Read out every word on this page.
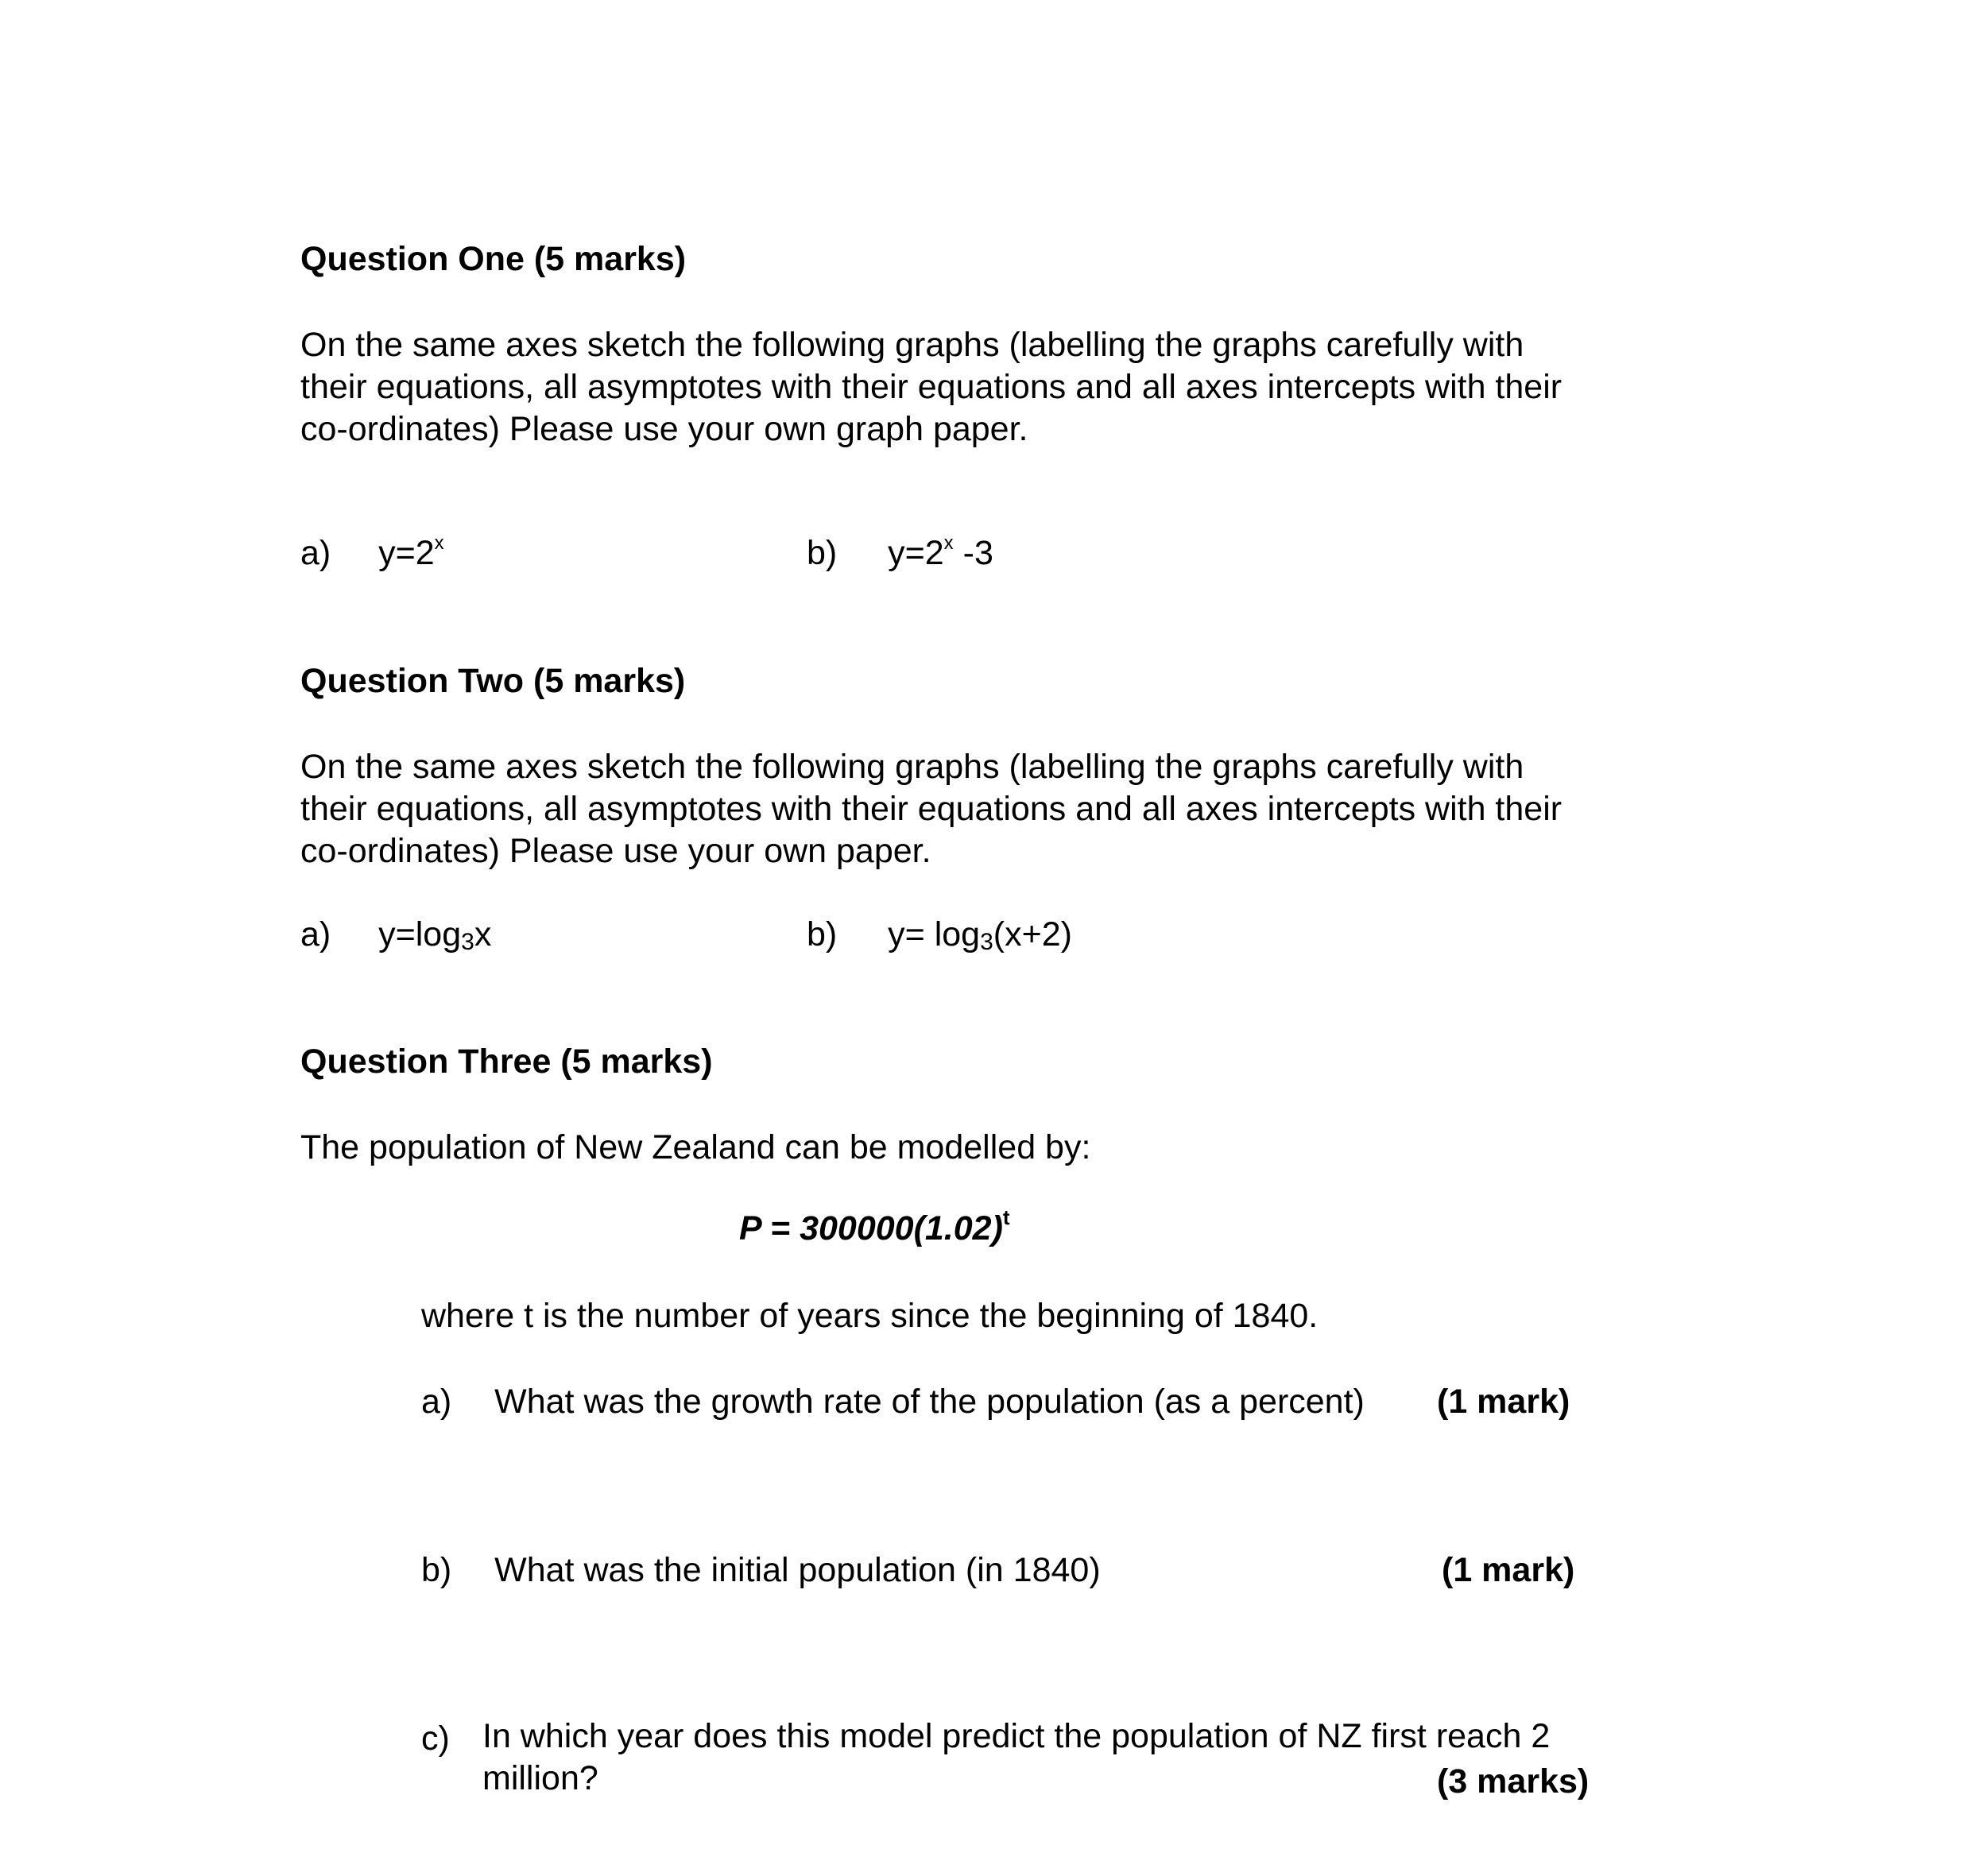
Question One (5 marks)
On the same axes sketch the following graphs (labelling the graphs carefully with
their equations, all asymptotes with their equations and all axes intercepts with their
co-ordinates) Please use your own graph paper.
a) $y=2^x$	b) $y=2^x$ -3
Question Two (5 marks)
On the same axes sketch the following graphs (labelling the graphs carefully with
their equations, all asymptotes with their equations and all axes intercepts with their
co-ordinates) Please use your own paper.
a) y=log3x	b) y= log3(x+2)
Question Three (5 marks)
The population of New Zealand can be modelled by:
$P = 300000(1.02)^t$
where t is the number of years since the beginning of 1840.
a) What was the growth rate of the population (as a percent) (1 mark)
b) What was the initial population (in 1840)	(1 mark)
c) In which year does this model predict the population of NZ first reach 2
million?	(3 marks)
